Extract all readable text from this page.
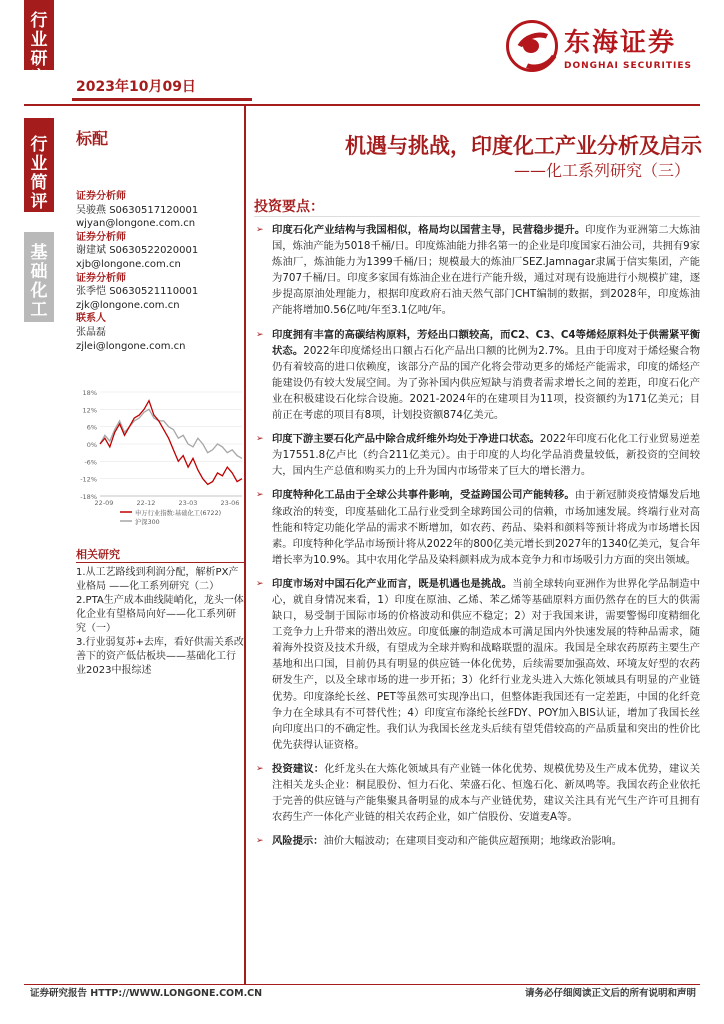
行
业
研
究
行
业
简
评
基
础
化
工
2023年10月09日
东海证券
DONGHAI SECURITIES
标配	机遇与挑战，印度化工产业分析及启示
——化工系列研究（三）
证券分析师
吴骏燕 S0630517120001
wjyan@longone.com.cn
证券分析师
谢建斌 S0630522020001
xjb@longone.com.cn
证券分析师
张季恺 S0630521110001
zjk@longone.com.cn
联系人
张晶磊
zjlei@longone.com.cn
18%
12%
6%
0%
-6%
-12%
-18%
22-09	22-12	23-03	23-06
申万行业指数:基础化工(6722)
沪深300
相关研究
1.从工艺路线到利润分配，解析PX产业格局 ——化工系列研究（二）
2.PTA生产成本曲线陡峭化，龙头一体化企业有望格局向好——化工系列研究（一）
3.行业弱复苏+去库，看好供需关系改善下的资产低估板块——基础化工行业2023中报综述
投资要点：
➢ 印度石化产业结构与我国相似，格局均以国营主导，民营稳步提升。印度作为亚洲第二大炼油国，炼油产能为5018千桶/日。印度炼油能力排名第一的企业是印度国家石油公司，共拥有9家炼油厂，炼油能力为1399千桶/日；规模最大的炼油厂SEZ.Jamnagar隶属于信实集团，产能为707千桶/日。印度多家国有炼油企业在进行产能升级，通过对现有设施进行小规模扩建，逐步提高原油处理能力，根据印度政府石油天然气部门CHT编制的数据，到2028年，印度炼油产能将增加0.56亿吨/年至3.1亿吨/年。
➢ 印度拥有丰富的高碳结构原料，芳烃出口额较高，而C2、C3、C4等烯烃原料处于供需紧平衡状态。2022年印度烯烃出口额占石化产品出口额的比例为2.7%。且由于印度对于烯烃聚合物仍有着较高的进口依赖度，该部分产品的国产化将会带动更多的烯烃产能需求，印度的烯烃产能建设仍有较大发展空间。为了弥补国内供应短缺与消费者需求增长之间的差距，印度石化产业在积极建设石化综合设施。2021-2024年的在建项目为11项，投资额约为171亿美元；目前正在考虑的项目有8项，计划投资额874亿美元。
➢ 印度下游主要石化产品中除合成纤维外均处于净进口状态。2022年印度石化化工行业贸易逆差为17551.8亿卢比（约合211亿美元）。由于印度的人均化学品消费量较低，新投资的空间较大，国内生产总值和购买力的上升为国内市场带来了巨大的增长潜力。
➢ 印度特种化工品由于全球公共事件影响，受益跨国公司产能转移。由于新冠肺炎疫情爆发后地缘政治的转变，印度基础化工品行业受到全球跨国公司的信赖，市场加速发展。终端行业对高性能和特定功能化学品的需求不断增加，如农药、药品、染料和颜料等预计将成为市场增长因素。印度特种化学品市场预计将从2022年的800亿美元增长到2027年的1340亿美元，复合年增长率为10.9%。其中农用化学品及染料颜料成为成本竞争力和市场吸引力方面的突出领域。
➢ 印度市场对中国石化产业而言，既是机遇也是挑战。当前全球转向亚洲作为世界化学品制造中心，就自身情况来看，1）印度在原油、乙烯、苯乙烯等基础原料方面仍然存在的巨大的供需缺口，易受制于国际市场的价格波动和供应不稳定；2）对于我国来讲，需要警惕印度精细化工竞争力上升带来的潜出效应。印度低廉的制造成本可满足国内外快速发展的特种品需求，随着海外投资及技术升级，有望成为全球并购和战略联盟的温床。我国是全球农药原药主要生产基地和出口国，目前仍具有明显的供应链一体化优势，后续需要加强高效、环境友好型的农药研发生产，以及全球市场的进一步开拓；3）化纤行业龙头进入大炼化领域具有明显的产业链优势。印度涤纶长丝、PET等虽然可实现净出口，但整体距我国还有一定差距，中国的化纤竞争力在全球具有不可替代性；4）印度宣布涤纶长丝FDY、POY加入BIS认证，增加了我国长丝向印度出口的不确定性。我们认为我国长丝龙头后续有望凭借较高的产品质量和突出的性价比优先获得认证资格。
➢ 投资建议：化纤龙头在大炼化领域具有产业链一体化优势、规模优势及生产成本优势，建议关注相关龙头企业：桐昆股份、恒力石化、荣盛石化、恒逸石化、新凤鸣等。我国农药企业依托于完善的供应链与产能集聚具备明显的成本与产业链优势，建议关注具有光气生产许可且拥有农药生产一体化产业链的相关农药企业，如广信股份、安道麦A等。
➢ 风险提示：油价大幅波动；在建项目变动和产能供应超预期；地缘政治影响。
证券研究报告 HTTP://WWW.LONGONE.COM.CN	请务必仔细阅读正文后的所有说明和声明
